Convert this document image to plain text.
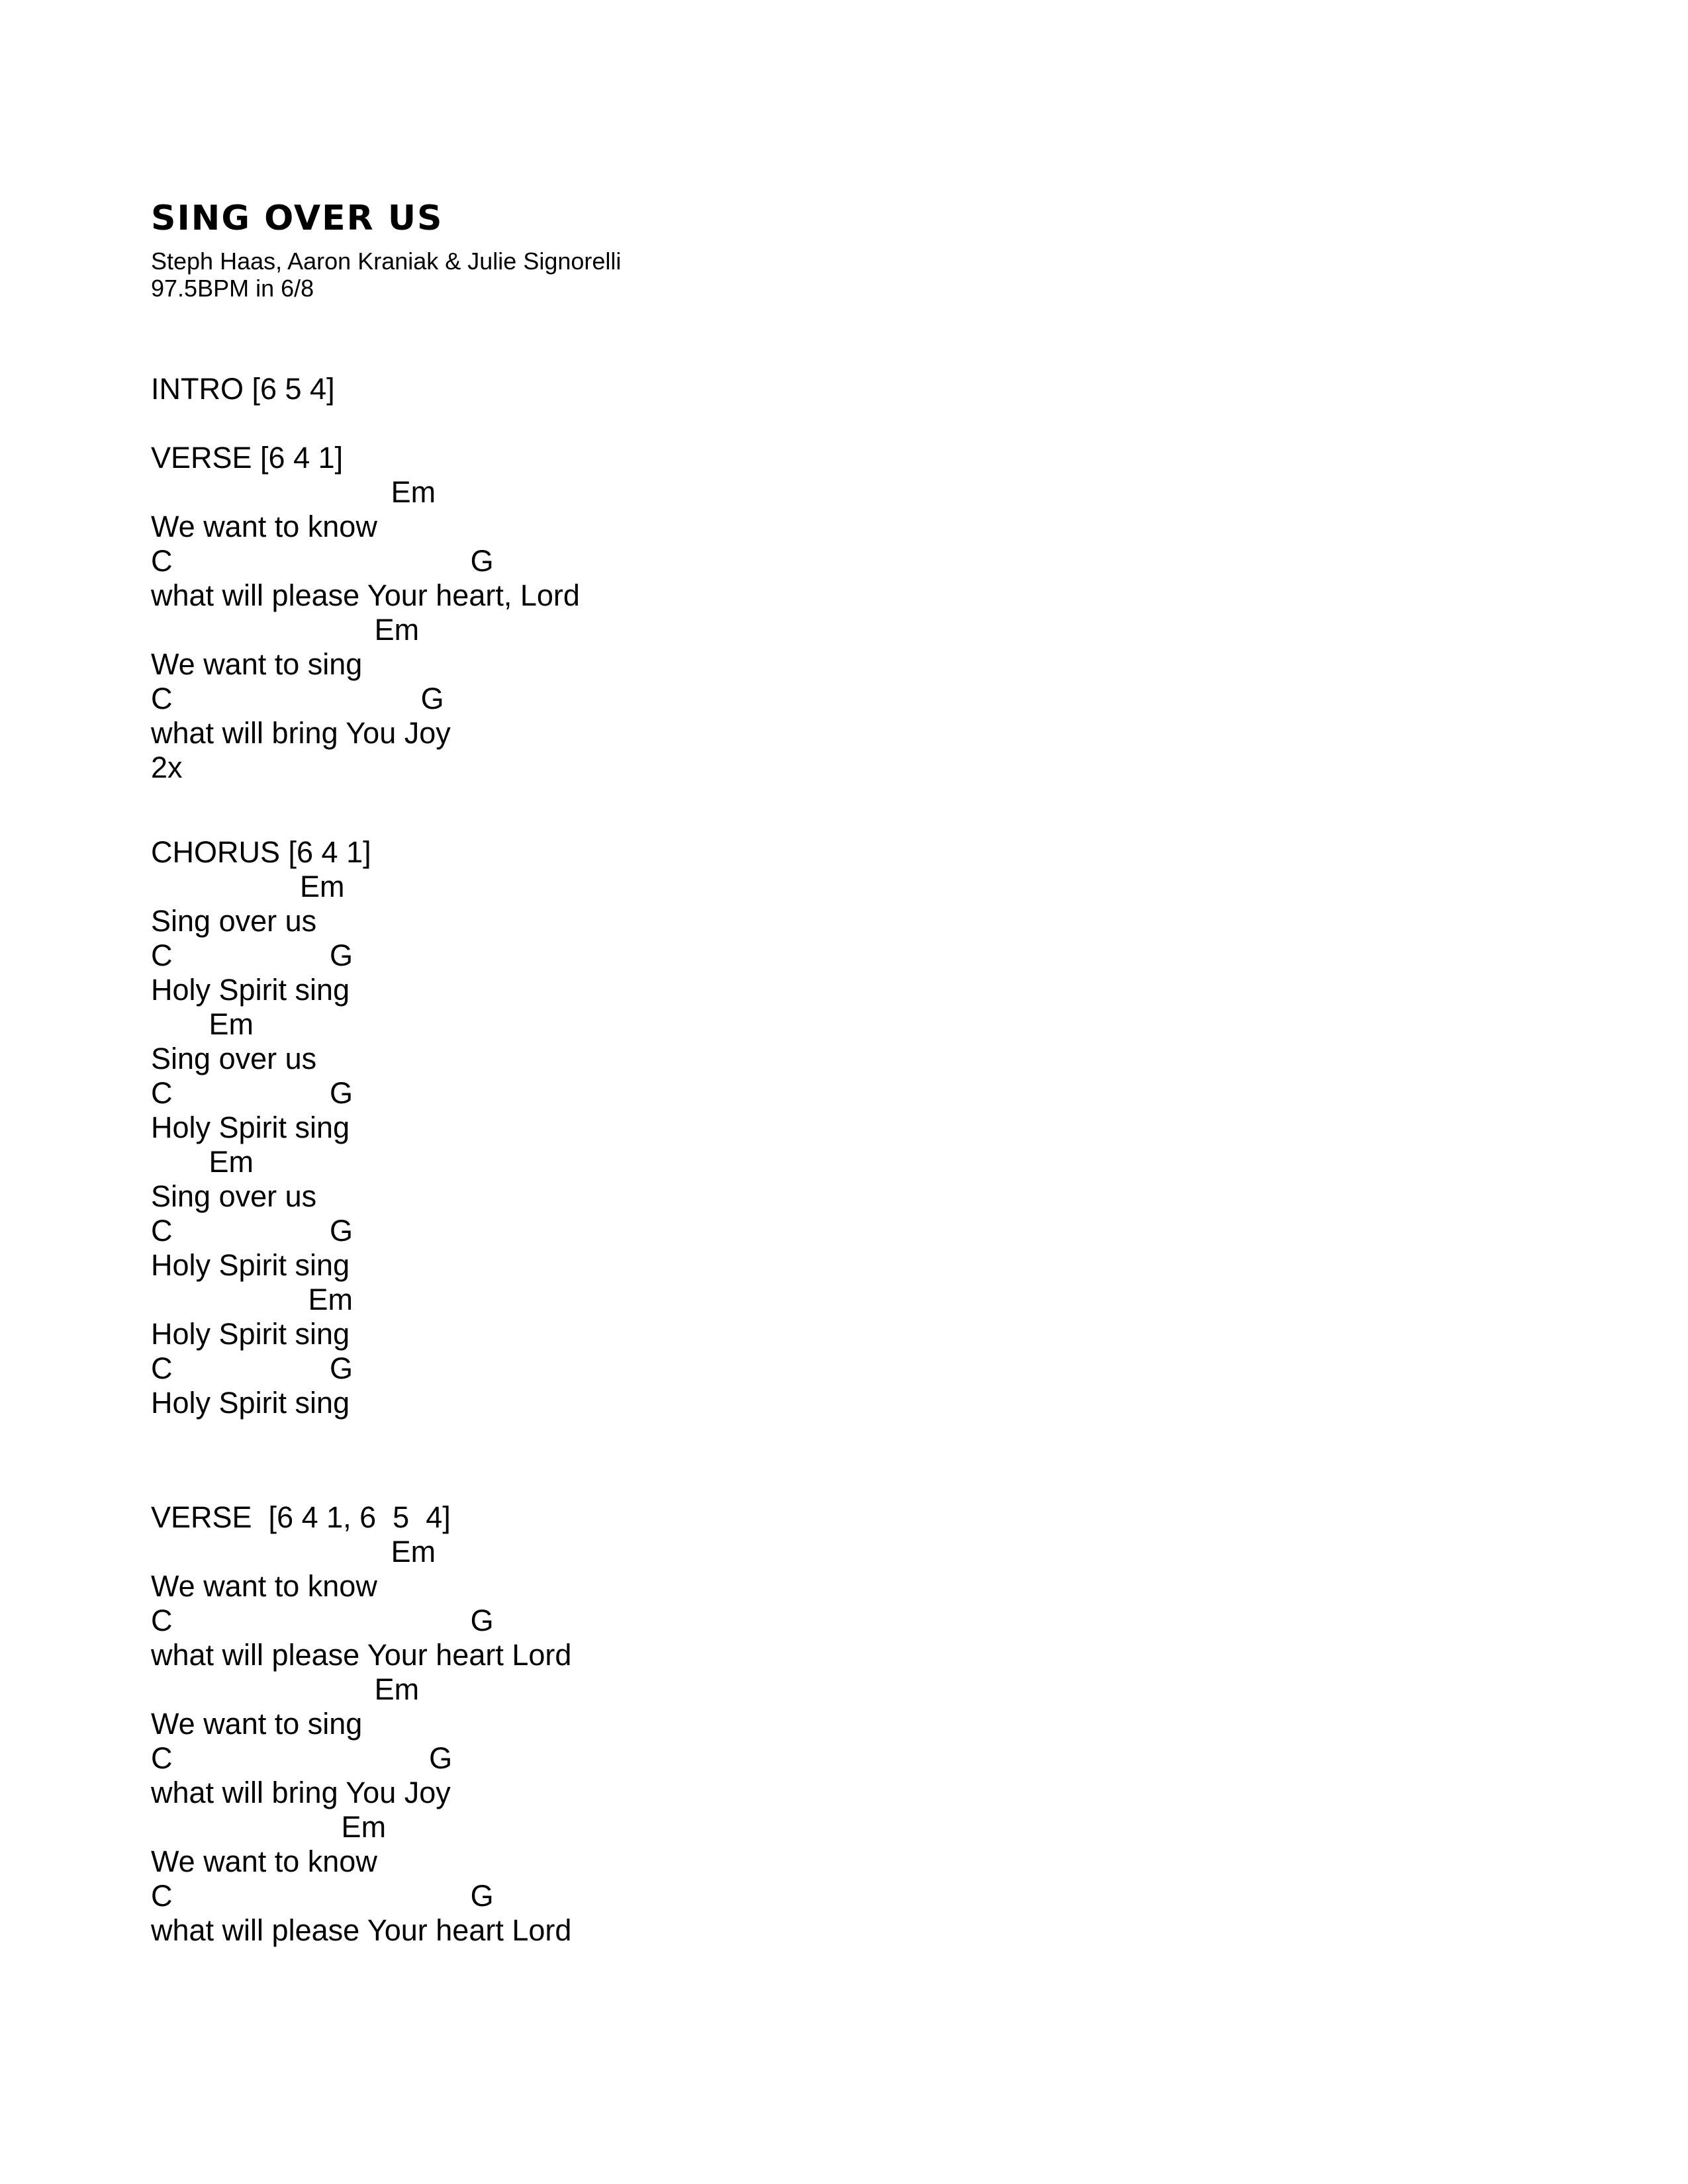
SING OVER US
Steph Haas, Aaron Kraniak & Julie Signorelli
97.5BPM in 6/8
INTRO [6 5 4]
VERSE [6 4 1]
Em
We want to know
C                                    G
what will please Your heart, Lord
Em
We want to sing
C                              G
what will bring You Joy
2x
CHORUS [6 4 1]
Em
Sing over us
C                   G
Holy Spirit sing
Em
Sing over us
C                   G
Holy Spirit sing
Em
Sing over us
C                   G
Holy Spirit sing
Em
Holy Spirit sing
C                   G
Holy Spirit sing
VERSE  [6 4 1, 6  5  4]
Em
We want to know
C                                    G
what will please Your heart Lord
Em
We want to sing
C                               G
what will bring You Joy
Em
We want to know
C                                    G
what will please Your heart Lord
